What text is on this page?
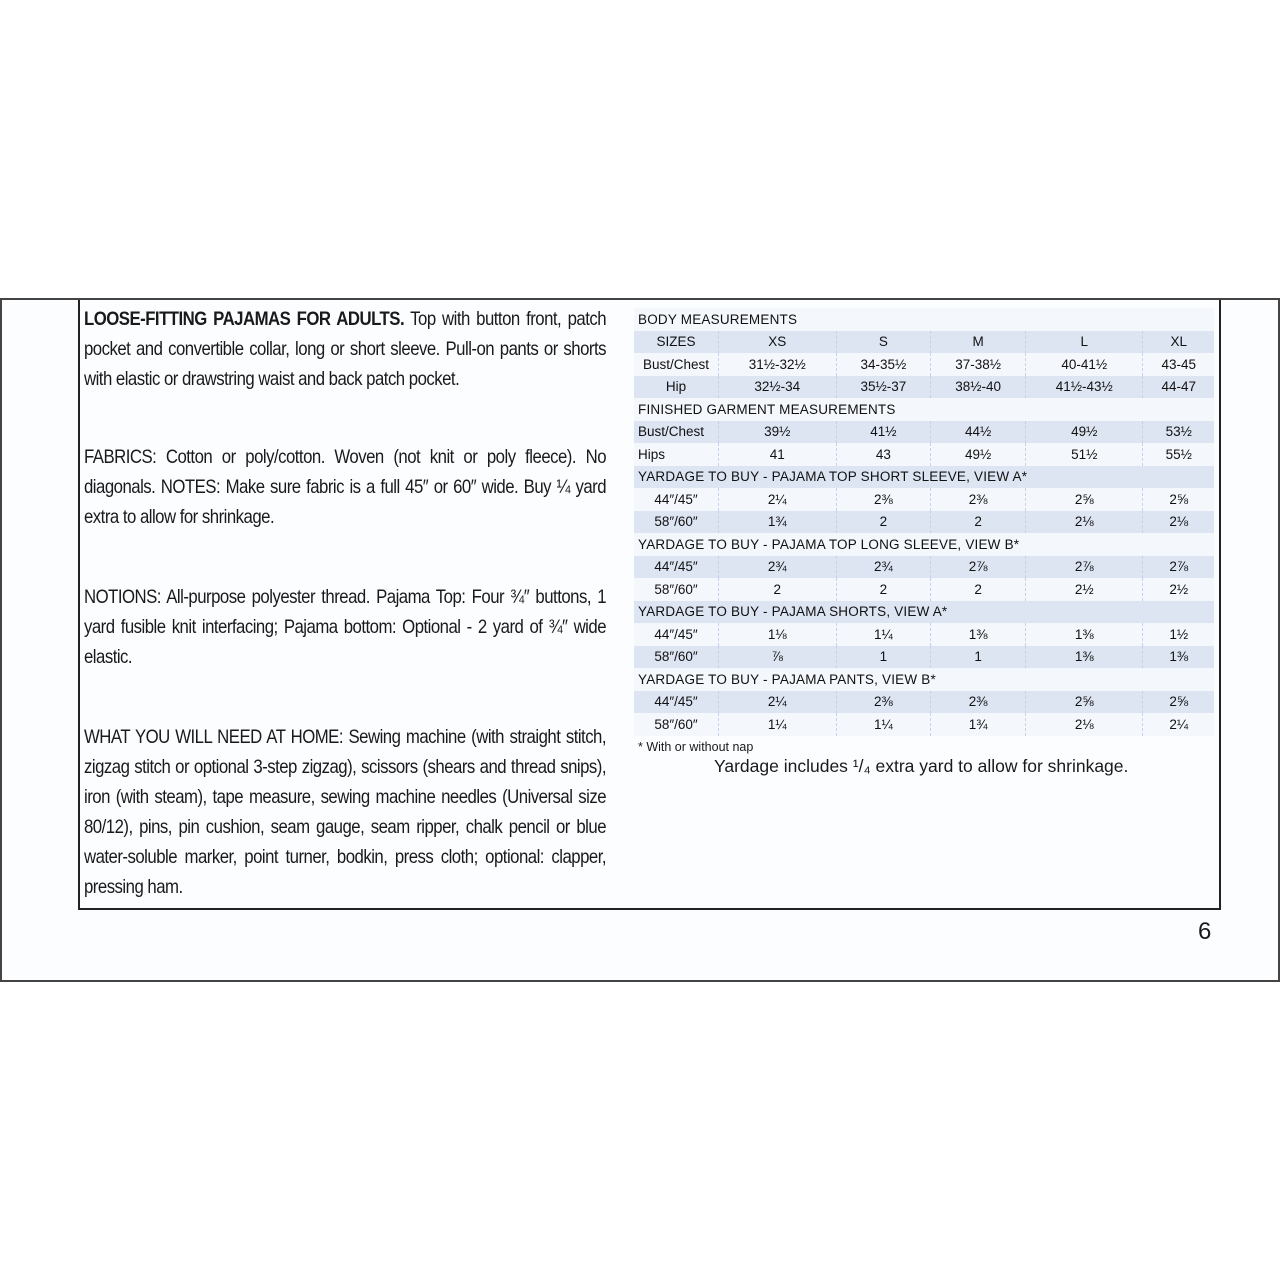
LOOSE-FITTING PAJAMAS FOR ADULTS. Top with button front, patch pocket and convertible collar, long or short sleeve. Pull-on pants or shorts with elastic or drawstring waist and back patch pocket.

FABRICS: Cotton or poly/cotton. Woven (not knit or poly fleece). No diagonals. NOTES: Make sure fabric is a full 45″ or 60″ wide. Buy ¼ yard extra to allow for shrinkage.

NOTIONS: All-purpose polyester thread. Pajama Top: Four ¾″ buttons, 1 yard fusible knit interfacing; Pajama bottom: Optional - 2 yard of ¾″ wide elastic.

WHAT YOU WILL NEED AT HOME: Sewing machine (with straight stitch, zigzag stitch or optional 3-step zigzag), scissors (shears and thread snips), iron (with steam), tape measure, sewing machine needles (Universal size 80/12), pins, pin cushion, seam gauge, seam ripper, chalk pencil or blue water-soluble marker, point turner, bodkin, press cloth; optional: clapper, pressing ham.

BODY MEASUREMENTS					
SIZES	XS	S	M	L	XL
Bust/Chest	31½-32½	34-35½	37-38½	40-41½	43-45
Hip	32½-34	35½-37	38½-40	41½-43½	44-47
FINISHED GARMENT MEASUREMENTS					
Bust/Chest	39½	41½	44½	49½	53½
Hips	41	43	49½	51½	55½
YARDAGE TO BUY - PAJAMA TOP SHORT SLEEVE, VIEW A*					
44″/45″	2¼	2⅜	2⅜	2⅝	2⅝
58″/60″	1¾	2	2	2⅛	2⅛
YARDAGE TO BUY - PAJAMA TOP LONG SLEEVE, VIEW B*					
44″/45″	2¾	2¾	2⅞	2⅞	2⅞
58″/60″	2	2	2	2½	2½
YARDAGE TO BUY - PAJAMA SHORTS, VIEW A*					
44″/45″	1⅛	1¼	1⅜	1⅜	1½
58″/60″	⅞	1	1	1⅜	1⅜
YARDAGE TO BUY - PAJAMA PANTS, VIEW B*					
44″/45″	2¼	2⅜	2⅜	2⅝	2⅝
58″/60″	1¼	1¼	1¾	2⅛	2¼
* With or without nap
Yardage includes ¹/₄ extra yard to allow for shrinkage.
6
